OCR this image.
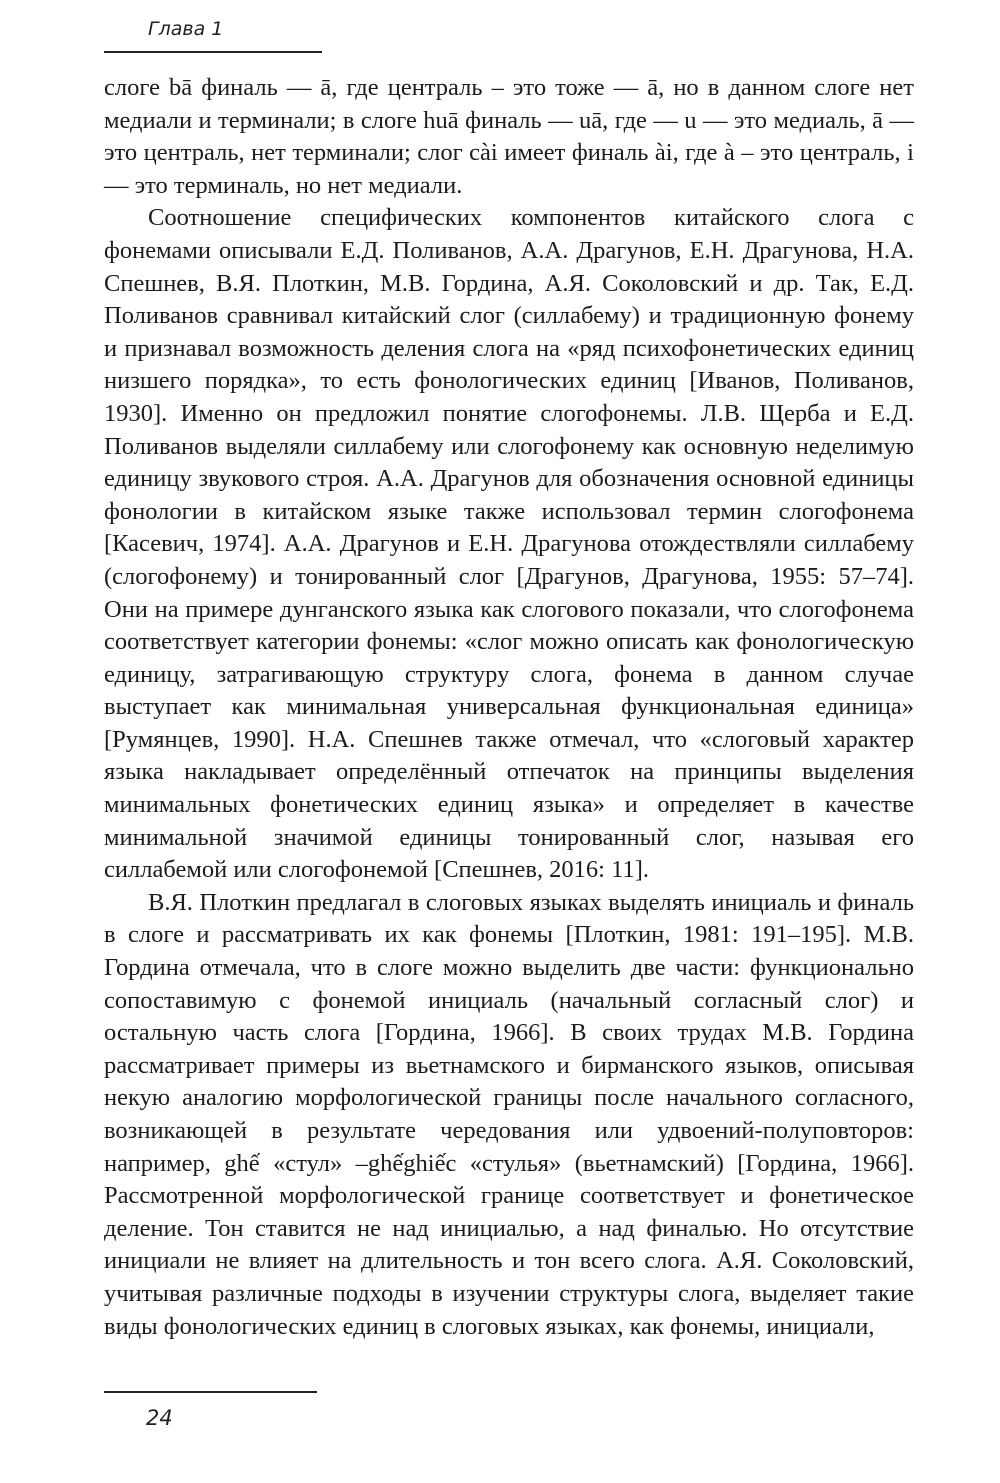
Глава 1

слоге bā финаль — ā, где централь – это тоже — ā, но в данном слоге нет медиали и терминали; в слоге huā финаль — uā, где — u — это медиаль, ā — это централь, нет терминали; слог cài имеет финаль ài, где à – это централь, i — это терминаль, но нет медиали.

Соотношение специфических компонентов китайского слога с фонемами описывали Е.Д. Поливанов, А.А. Драгунов, Е.Н. Драгунова, Н.А. Спешнев, В.Я. Плоткин, М.В. Гордина, А.Я. Соколовский и др. Так, Е.Д. Поливанов сравнивал китайский слог (силлабему) и традиционную фонему и признавал возможность деления слога на «ряд психофонетических единиц низшего порядка», то есть фонологических единиц [Иванов, Поливанов, 1930]. Именно он предложил понятие слогофонемы. Л.В. Щерба и Е.Д. Поливанов выделяли силлабему или слогофонему как основную неделимую единицу звукового строя. А.А. Драгунов для обозначения основной единицы фонологии в китайском языке также использовал термин слогофонема [Касевич, 1974]. А.А. Драгунов и Е.Н. Драгунова отождествляли силлабему (слогофонему) и тонированный слог [Драгунов, Драгунова, 1955: 57–74]. Они на примере дунганского языка как слогового показали, что слогофонема соответствует категории фонемы: «слог можно описать как фонологическую единицу, затрагивающую структуру слога, фонема в данном случае выступает как минимальная универсальная функциональная единица» [Румянцев, 1990]. Н.А. Спешнев также отмечал, что «слоговый характер языка накладывает определённый отпечаток на принципы выделения минимальных фонетических единиц языка» и определяет в качестве минимальной значимой единицы тонированный слог, называя его силлабемой или слогофонемой [Спешнев, 2016: 11].

В.Я. Плоткин предлагал в слоговых языках выделять инициаль и финаль в слоге и рассматривать их как фонемы [Плоткин, 1981: 191–195]. М.В. Гордина отмечала, что в слоге можно выделить две части: функционально сопоставимую с фонемой инициаль (начальный согласный слог) и остальную часть слога [Гордина, 1966]. В своих трудах М.В. Гордина рассматривает примеры из вьетнамского и бирманского языков, описывая некую аналогию морфологической границы после начального согласного, возникающей в результате чередования или удвоений-полуповторов: например, ghế «стул» –ghếghiếc «стулья» (вьетнамский) [Гордина, 1966]. Рассмотренной морфологической границе соответствует и фонетическое деление. Тон ставится не над инициалью, а над финалью. Но отсутствие инициали не влияет на длительность и тон всего слога. А.Я. Соколовский, учитывая различные подходы в изучении структуры слога, выделяет такие виды фонологических единиц в слоговых языках, как фонемы, инициали,

24
